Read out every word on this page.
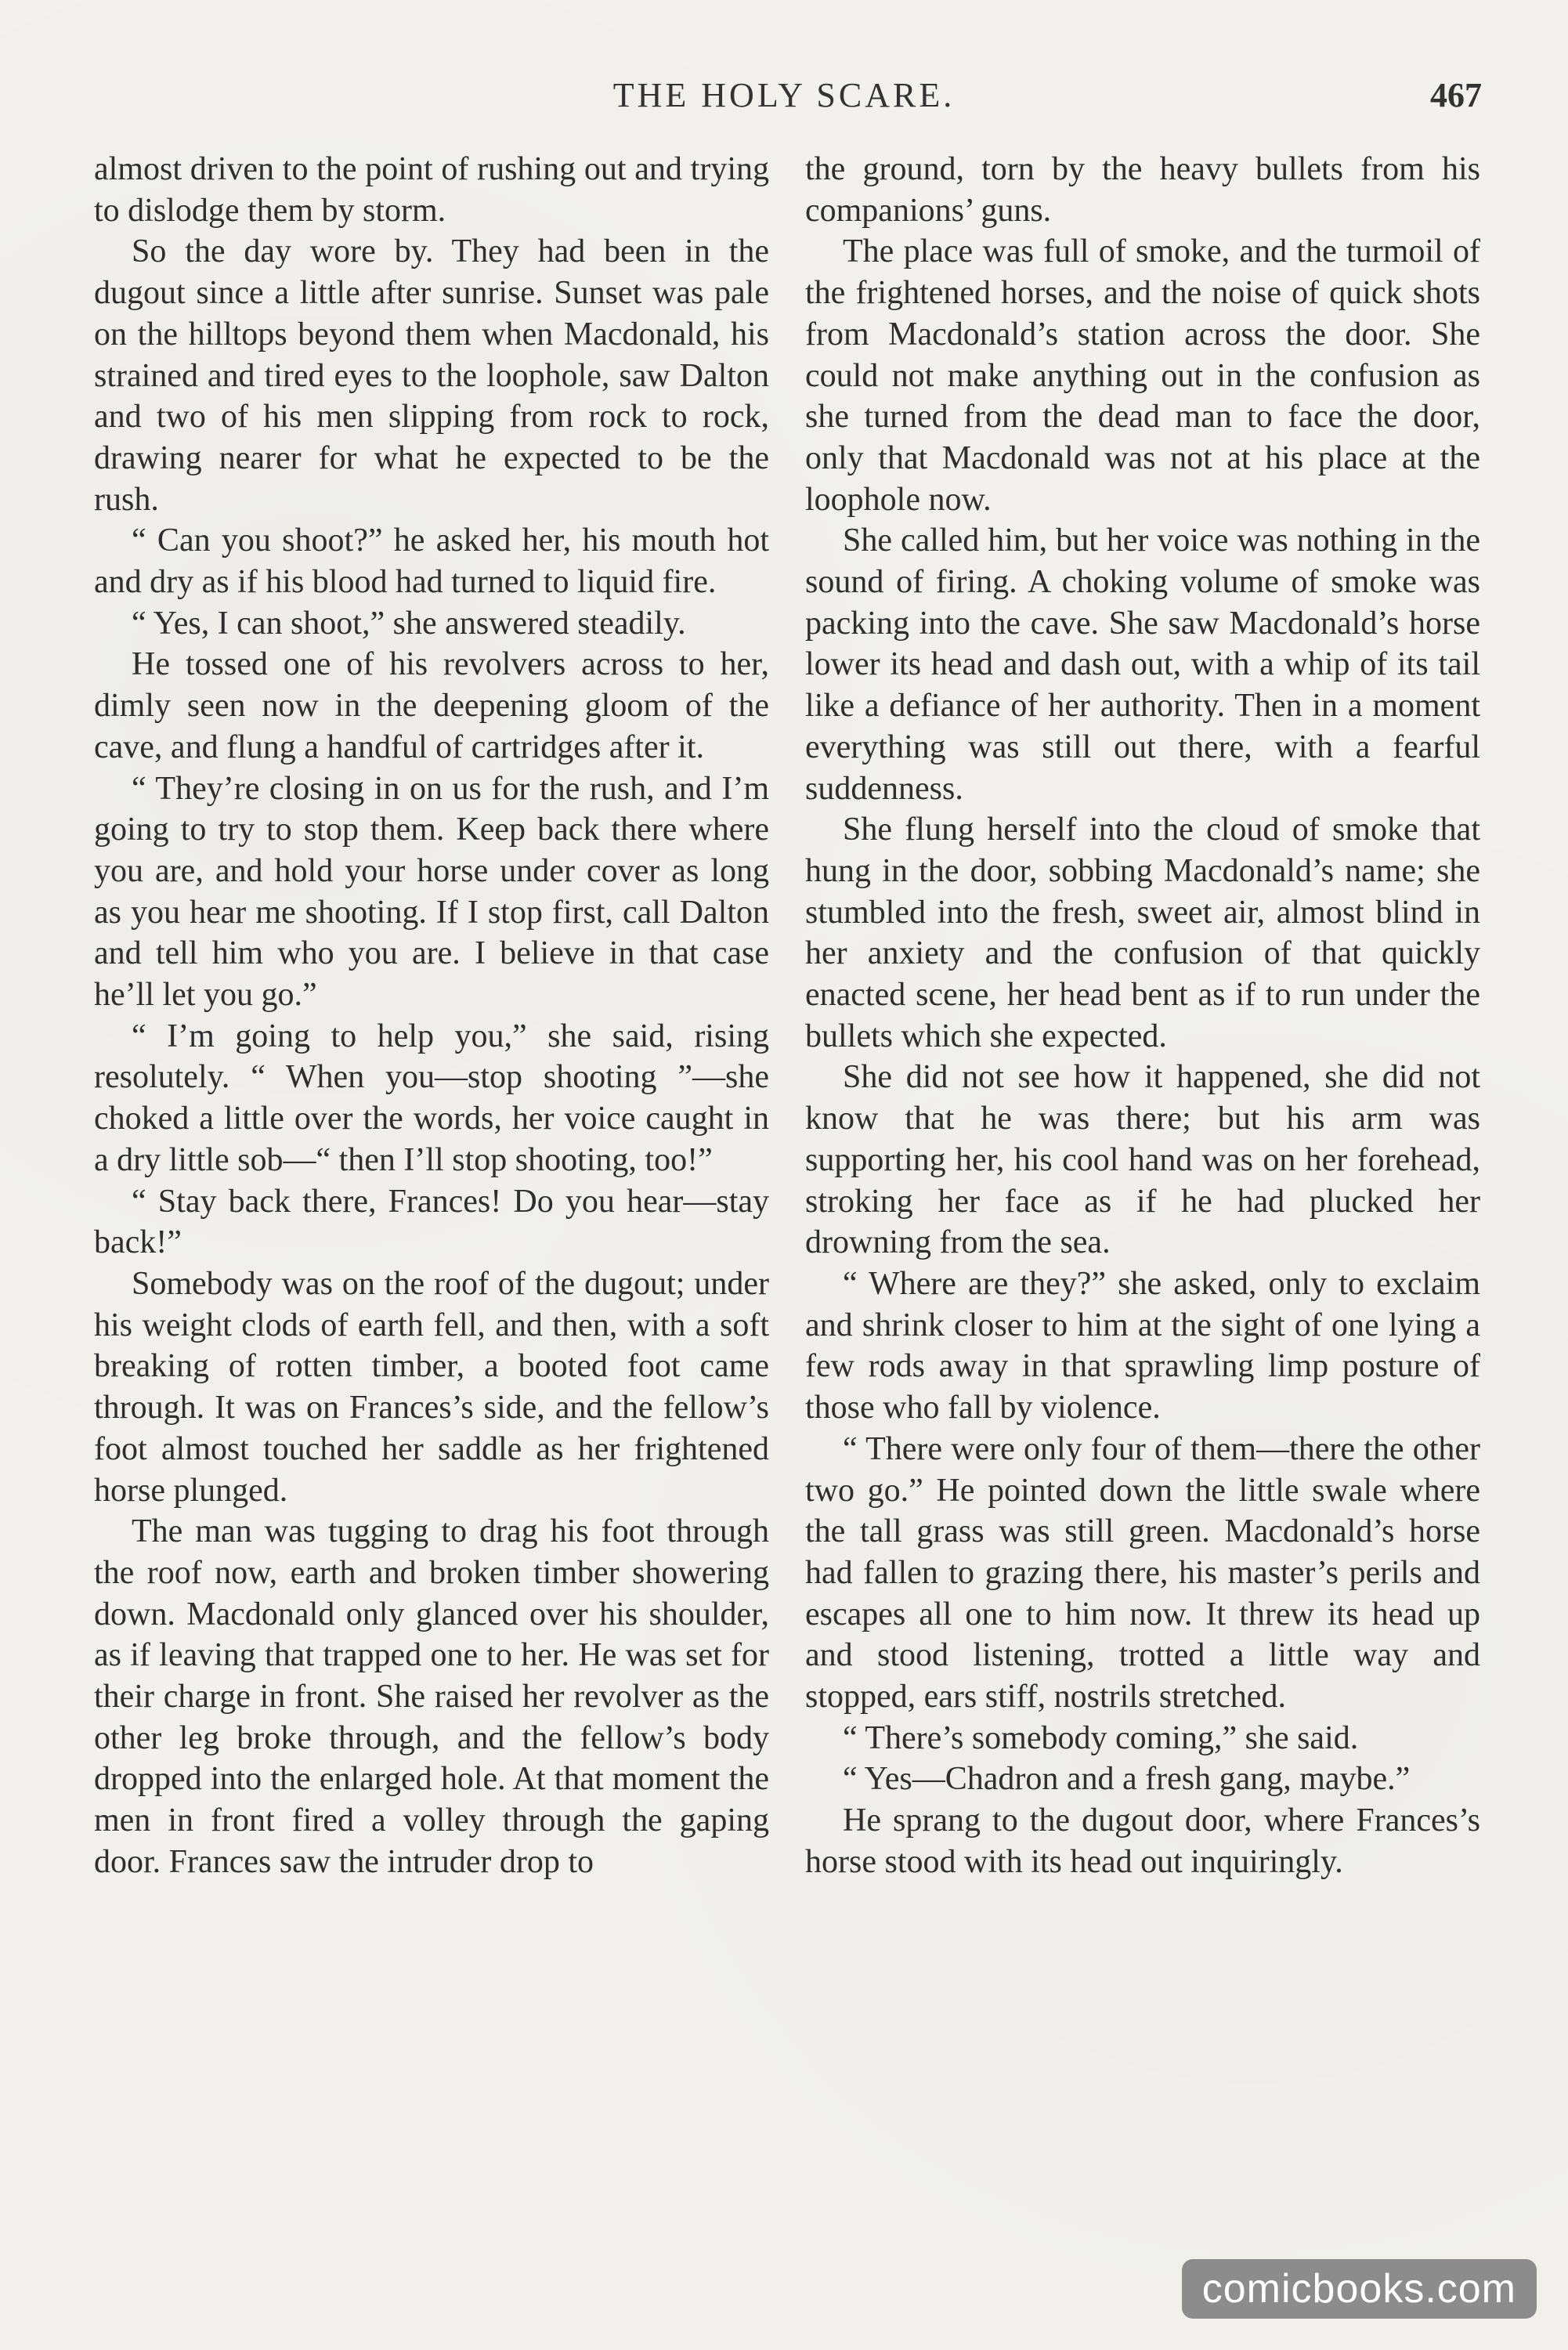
THE HOLY SCARE.	467

almost driven to the point of rushing out and trying to dislodge them by storm.

So the day wore by. They had been in the dugout since a little after sunrise. Sunset was pale on the hilltops beyond them when Macdonald, his strained and tired eyes to the loophole, saw Dalton and two of his men slipping from rock to rock, drawing nearer for what he expected to be the rush.

“ Can you shoot?” he asked her, his mouth hot and dry as if his blood had turned to liquid fire.

“ Yes, I can shoot,” she answered steadily.

He tossed one of his revolvers across to her, dimly seen now in the deepening gloom of the cave, and flung a handful of cartridges after it.

“ They’re closing in on us for the rush, and I’m going to try to stop them. Keep back there where you are, and hold your horse under cover as long as you hear me shooting. If I stop first, call Dalton and tell him who you are. I believe in that case he’ll let you go.”

“ I’m going to help you,” she said, rising resolutely. “ When you—stop shooting ”—she choked a little over the words, her voice caught in a dry little sob—“ then I’ll stop shooting, too!”

“ Stay back there, Frances! Do you hear—stay back!”

Somebody was on the roof of the dugout; under his weight clods of earth fell, and then, with a soft breaking of rotten timber, a booted foot came through. It was on Frances’s side, and the fellow’s foot almost touched her saddle as her frightened horse plunged.

The man was tugging to drag his foot through the roof now, earth and broken timber showering down. Macdonald only glanced over his shoulder, as if leaving that trapped one to her. He was set for their charge in front. She raised her revolver as the other leg broke through, and the fellow’s body dropped into the enlarged hole. At that moment the men in front fired a volley through the gaping door. Frances saw the intruder drop to

the ground, torn by the heavy bullets from his companions’ guns.

The place was full of smoke, and the turmoil of the frightened horses, and the noise of quick shots from Macdonald’s station across the door. She could not make anything out in the confusion as she turned from the dead man to face the door, only that Macdonald was not at his place at the loophole now.

She called him, but her voice was nothing in the sound of firing. A choking volume of smoke was packing into the cave. She saw Macdonald’s horse lower its head and dash out, with a whip of its tail like a defiance of her authority. Then in a moment everything was still out there, with a fearful suddenness.

She flung herself into the cloud of smoke that hung in the door, sobbing Macdonald’s name; she stumbled into the fresh, sweet air, almost blind in her anxiety and the confusion of that quickly enacted scene, her head bent as if to run under the bullets which she expected.

She did not see how it happened, she did not know that he was there; but his arm was supporting her, his cool hand was on her forehead, stroking her face as if he had plucked her drowning from the sea.

“ Where are they?” she asked, only to exclaim and shrink closer to him at the sight of one lying a few rods away in that sprawling limp posture of those who fall by violence.

“ There were only four of them—there the other two go.” He pointed down the little swale where the tall grass was still green. Macdonald’s horse had fallen to grazing there, his master’s perils and escapes all one to him now. It threw its head up and stood listening, trotted a little way and stopped, ears stiff, nostrils stretched.

“ There’s somebody coming,” she said.

“ Yes—Chadron and a fresh gang, maybe.”

He sprang to the dugout door, where Frances’s horse stood with its head out inquiringly.

comicbooks.com
